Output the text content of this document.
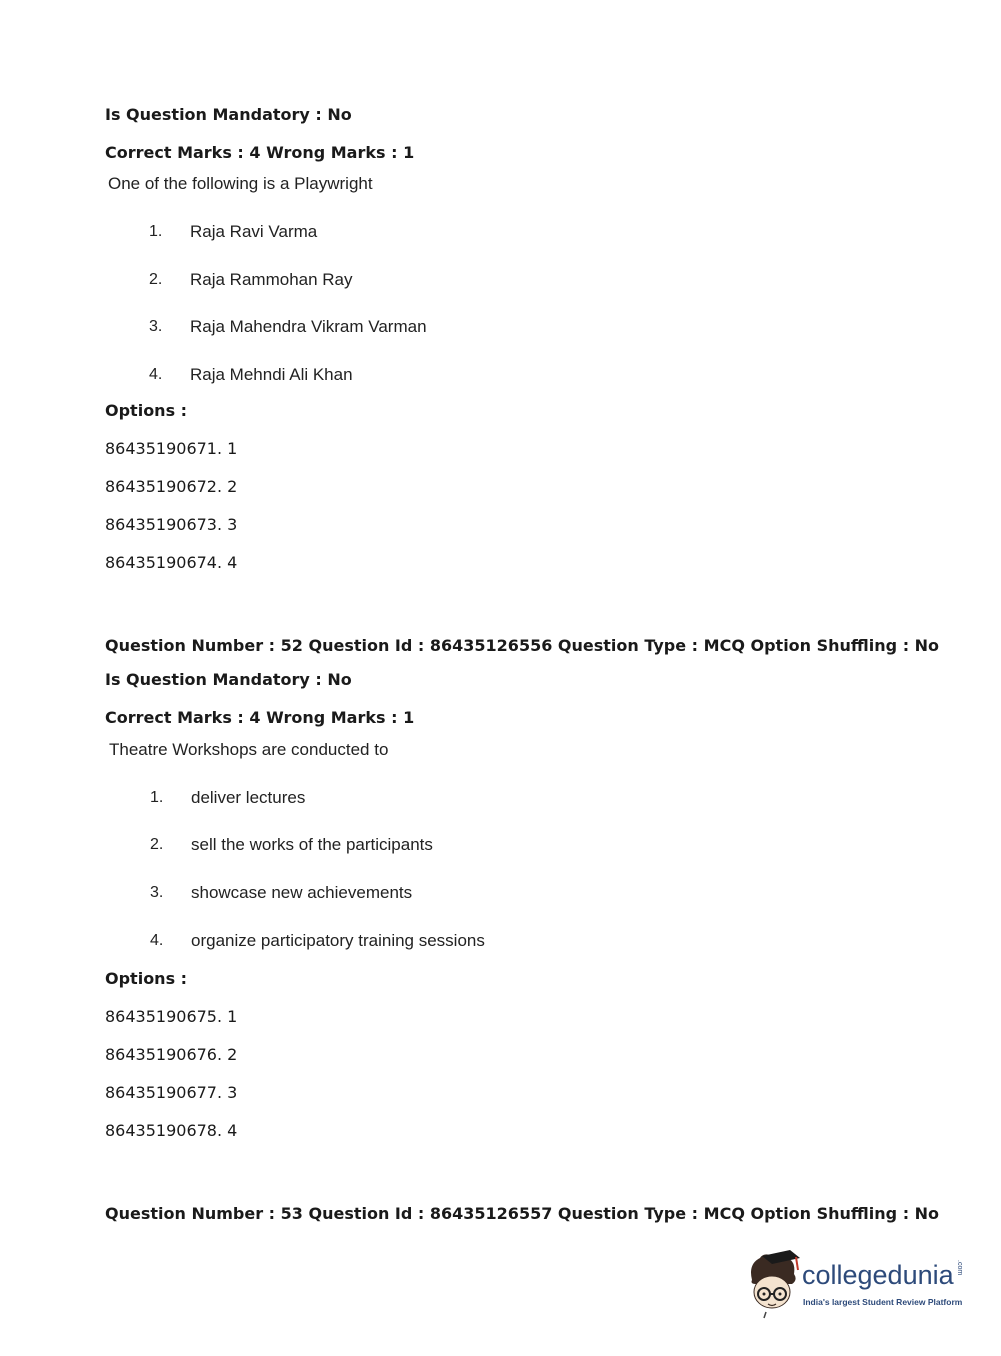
Is Question Mandatory : No
Correct Marks : 4 Wrong Marks : 1
One of the following is a Playwright
1. Raja Ravi Varma
2. Raja Rammohan Ray
3. Raja Mahendra Vikram Varman
4. Raja Mehndi Ali Khan
Options :
86435190671. 1
86435190672. 2
86435190673. 3
86435190674. 4
Question Number : 52 Question Id : 86435126556 Question Type : MCQ Option Shuffling : No
Is Question Mandatory : No
Correct Marks : 4 Wrong Marks : 1
Theatre Workshops are conducted to
1. deliver lectures
2. sell the works of the participants
3. showcase new achievements
4. organize participatory training sessions
Options :
86435190675. 1
86435190676. 2
86435190677. 3
86435190678. 4
Question Number : 53 Question Id : 86435126557 Question Type : MCQ Option Shuffling : No
collegedunia .com
India's largest Student Review Platform
